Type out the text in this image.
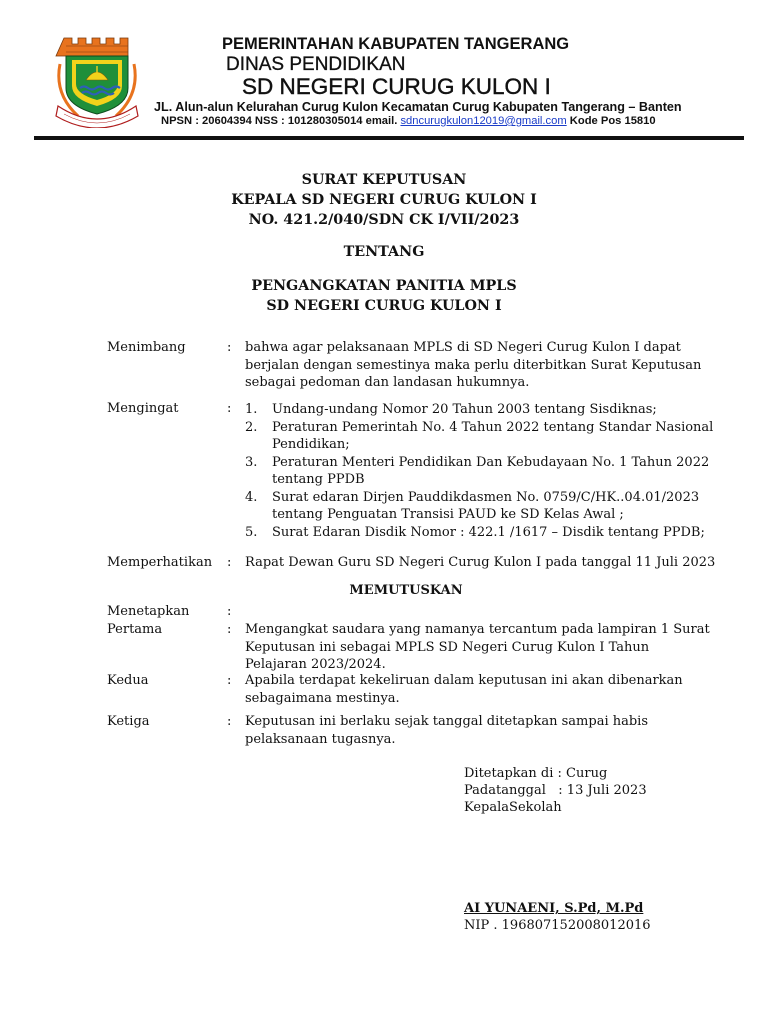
PEMERINTAHAN KABUPATEN TANGERANG
DINAS PENDIDIKAN
SD NEGERI CURUG KULON I
JL. Alun-alun Kelurahan Curug Kulon Kecamatan Curug Kabupaten Tangerang – Banten
NPSN : 20604394 NSS : 101280305014 email. sdncurugkulon12019@gmail.com Kode Pos 15810
SURAT KEPUTUSAN
KEPALA SD NEGERI CURUG KULON I
NO. 421.2/040/SDN CK I/VII/2023
TENTANG
PENGANGKATAN PANITIA MPLS
SD NEGERI CURUG KULON I
Menimbang	: bahwa agar pelaksanaan MPLS di SD Negeri Curug Kulon I dapat berjalan dengan semestinya maka perlu diterbitkan Surat Keputusan sebagai pedoman dan landasan hukumnya.
Mengingat	: 1. Undang-undang Nomor 20 Tahun 2003 tentang Sisdiknas;
2. Peraturan Pemerintah No. 4 Tahun 2022 tentang Standar Nasional Pendidikan;
3. Peraturan Menteri Pendidikan Dan Kebudayaan No. 1 Tahun 2022 tentang PPDB
4. Surat edaran Dirjen Pauddikdasmen No. 0759/C/HK..04.01/2023 tentang Penguatan Transisi PAUD ke SD Kelas Awal ;
5. Surat Edaran Disdik Nomor : 422.1 /1617 – Disdik tentang PPDB;
Memperhatikan : Rapat Dewan Guru SD Negeri Curug Kulon I pada tanggal 11 Juli 2023
MEMUTUSKAN
Menetapkan	:
Pertama	: Mengangkat saudara yang namanya tercantum pada lampiran 1 Surat Keputusan ini sebagai MPLS SD Negeri Curug Kulon I Tahun Pelajaran 2023/2024.
Kedua	: Apabila terdapat kekeliruan dalam keputusan ini akan dibenarkan sebagaimana mestinya.
Ketiga	: Keputusan ini berlaku sejak tanggal ditetapkan sampai habis pelaksanaan tugasnya.
Ditetapkan di : Curug
Padatanggal   : 13 Juli 2023
KepalaSekolah
AI YUNAENI, S.Pd, M.Pd
NIP . 196807152008012016
